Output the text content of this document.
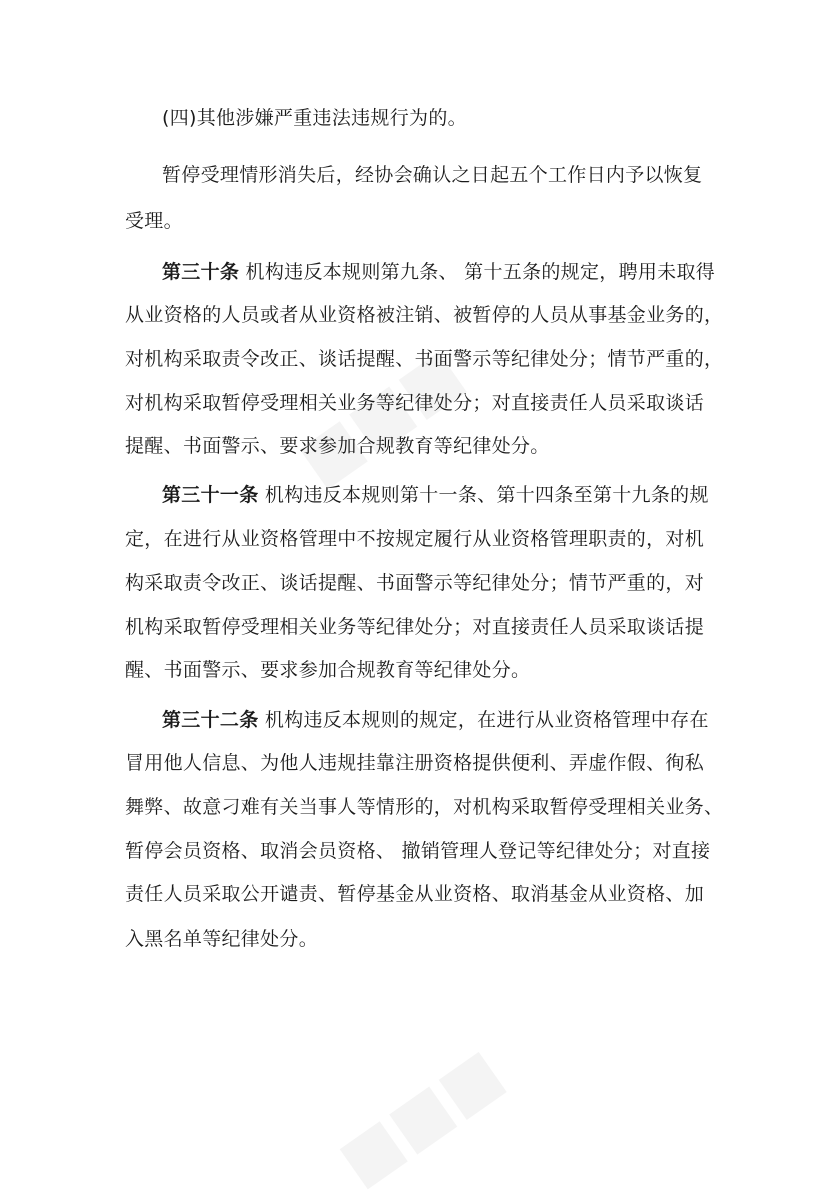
(四)其他涉嫌严重违法违规行为的。
暂停受理情形消失后，经协会确认之日起五个工作日内予以恢复
受理。
第三十条 机构违反本规则第九条、 第十五条的规定，聘用未取得
从业资格的人员或者从业资格被注销、被暂停的人员从事基金业务的，
对机构采取责令改正、谈话提醒、书面警示等纪律处分；情节严重的，
对机构采取暂停受理相关业务等纪律处分；对直接责任人员采取谈话
提醒、书面警示、要求参加合规教育等纪律处分。
第三十一条 机构违反本规则第十一条、第十四条至第十九条的规
定，在进行从业资格管理中不按规定履行从业资格管理职责的，对机
构采取责令改正、谈话提醒、书面警示等纪律处分；情节严重的，对
机构采取暂停受理相关业务等纪律处分；对直接责任人员采取谈话提
醒、书面警示、要求参加合规教育等纪律处分。
第三十二条 机构违反本规则的规定，在进行从业资格管理中存在
冒用他人信息、为他人违规挂靠注册资格提供便利、弄虚作假、徇私
舞弊、故意刁难有关当事人等情形的，对机构采取暂停受理相关业务、
暂停会员资格、取消会员资格、 撤销管理人登记等纪律处分；对直接
责任人员采取公开谴责、暂停基金从业资格、取消基金从业资格、加
入黑名单等纪律处分。
